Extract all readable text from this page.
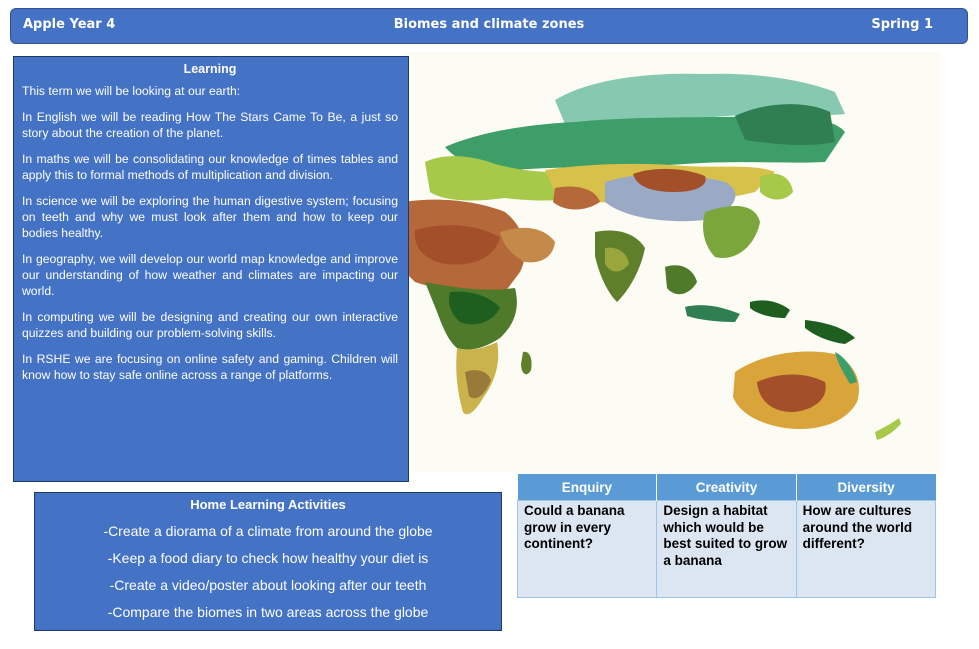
Apple Year 4	Biomes and climate zones	Spring 1
Learning

This term we will be looking at our earth:

In English we will be reading How The Stars Came To Be, a just so story about the creation of the planet.

In maths we will be consolidating our knowledge of times tables and apply this to formal methods of multiplication and division.

In science we will be exploring the human digestive system; focusing on teeth and why we must look after them and how to keep our bodies healthy.

In geography, we will develop our world map knowledge and improve our understanding of how weather and climates are impacting our world.

In computing we will be designing and creating our own interactive quizzes and building our problem-solving skills.

In RSHE we are focusing on online safety and gaming. Children will know how to stay safe online across a range of platforms.

Home Learning Activities
-Create a diorama of a climate from around the globe
-Keep a food diary to check how healthy your diet is
-Create a video/poster about looking after our teeth
-Compare the biomes in two areas across the globe
Enquiry	Creativity	Diversity
Could a banana grow in every continent?	Design a habitat which would be best suited to grow a banana	How are cultures around the world different?
